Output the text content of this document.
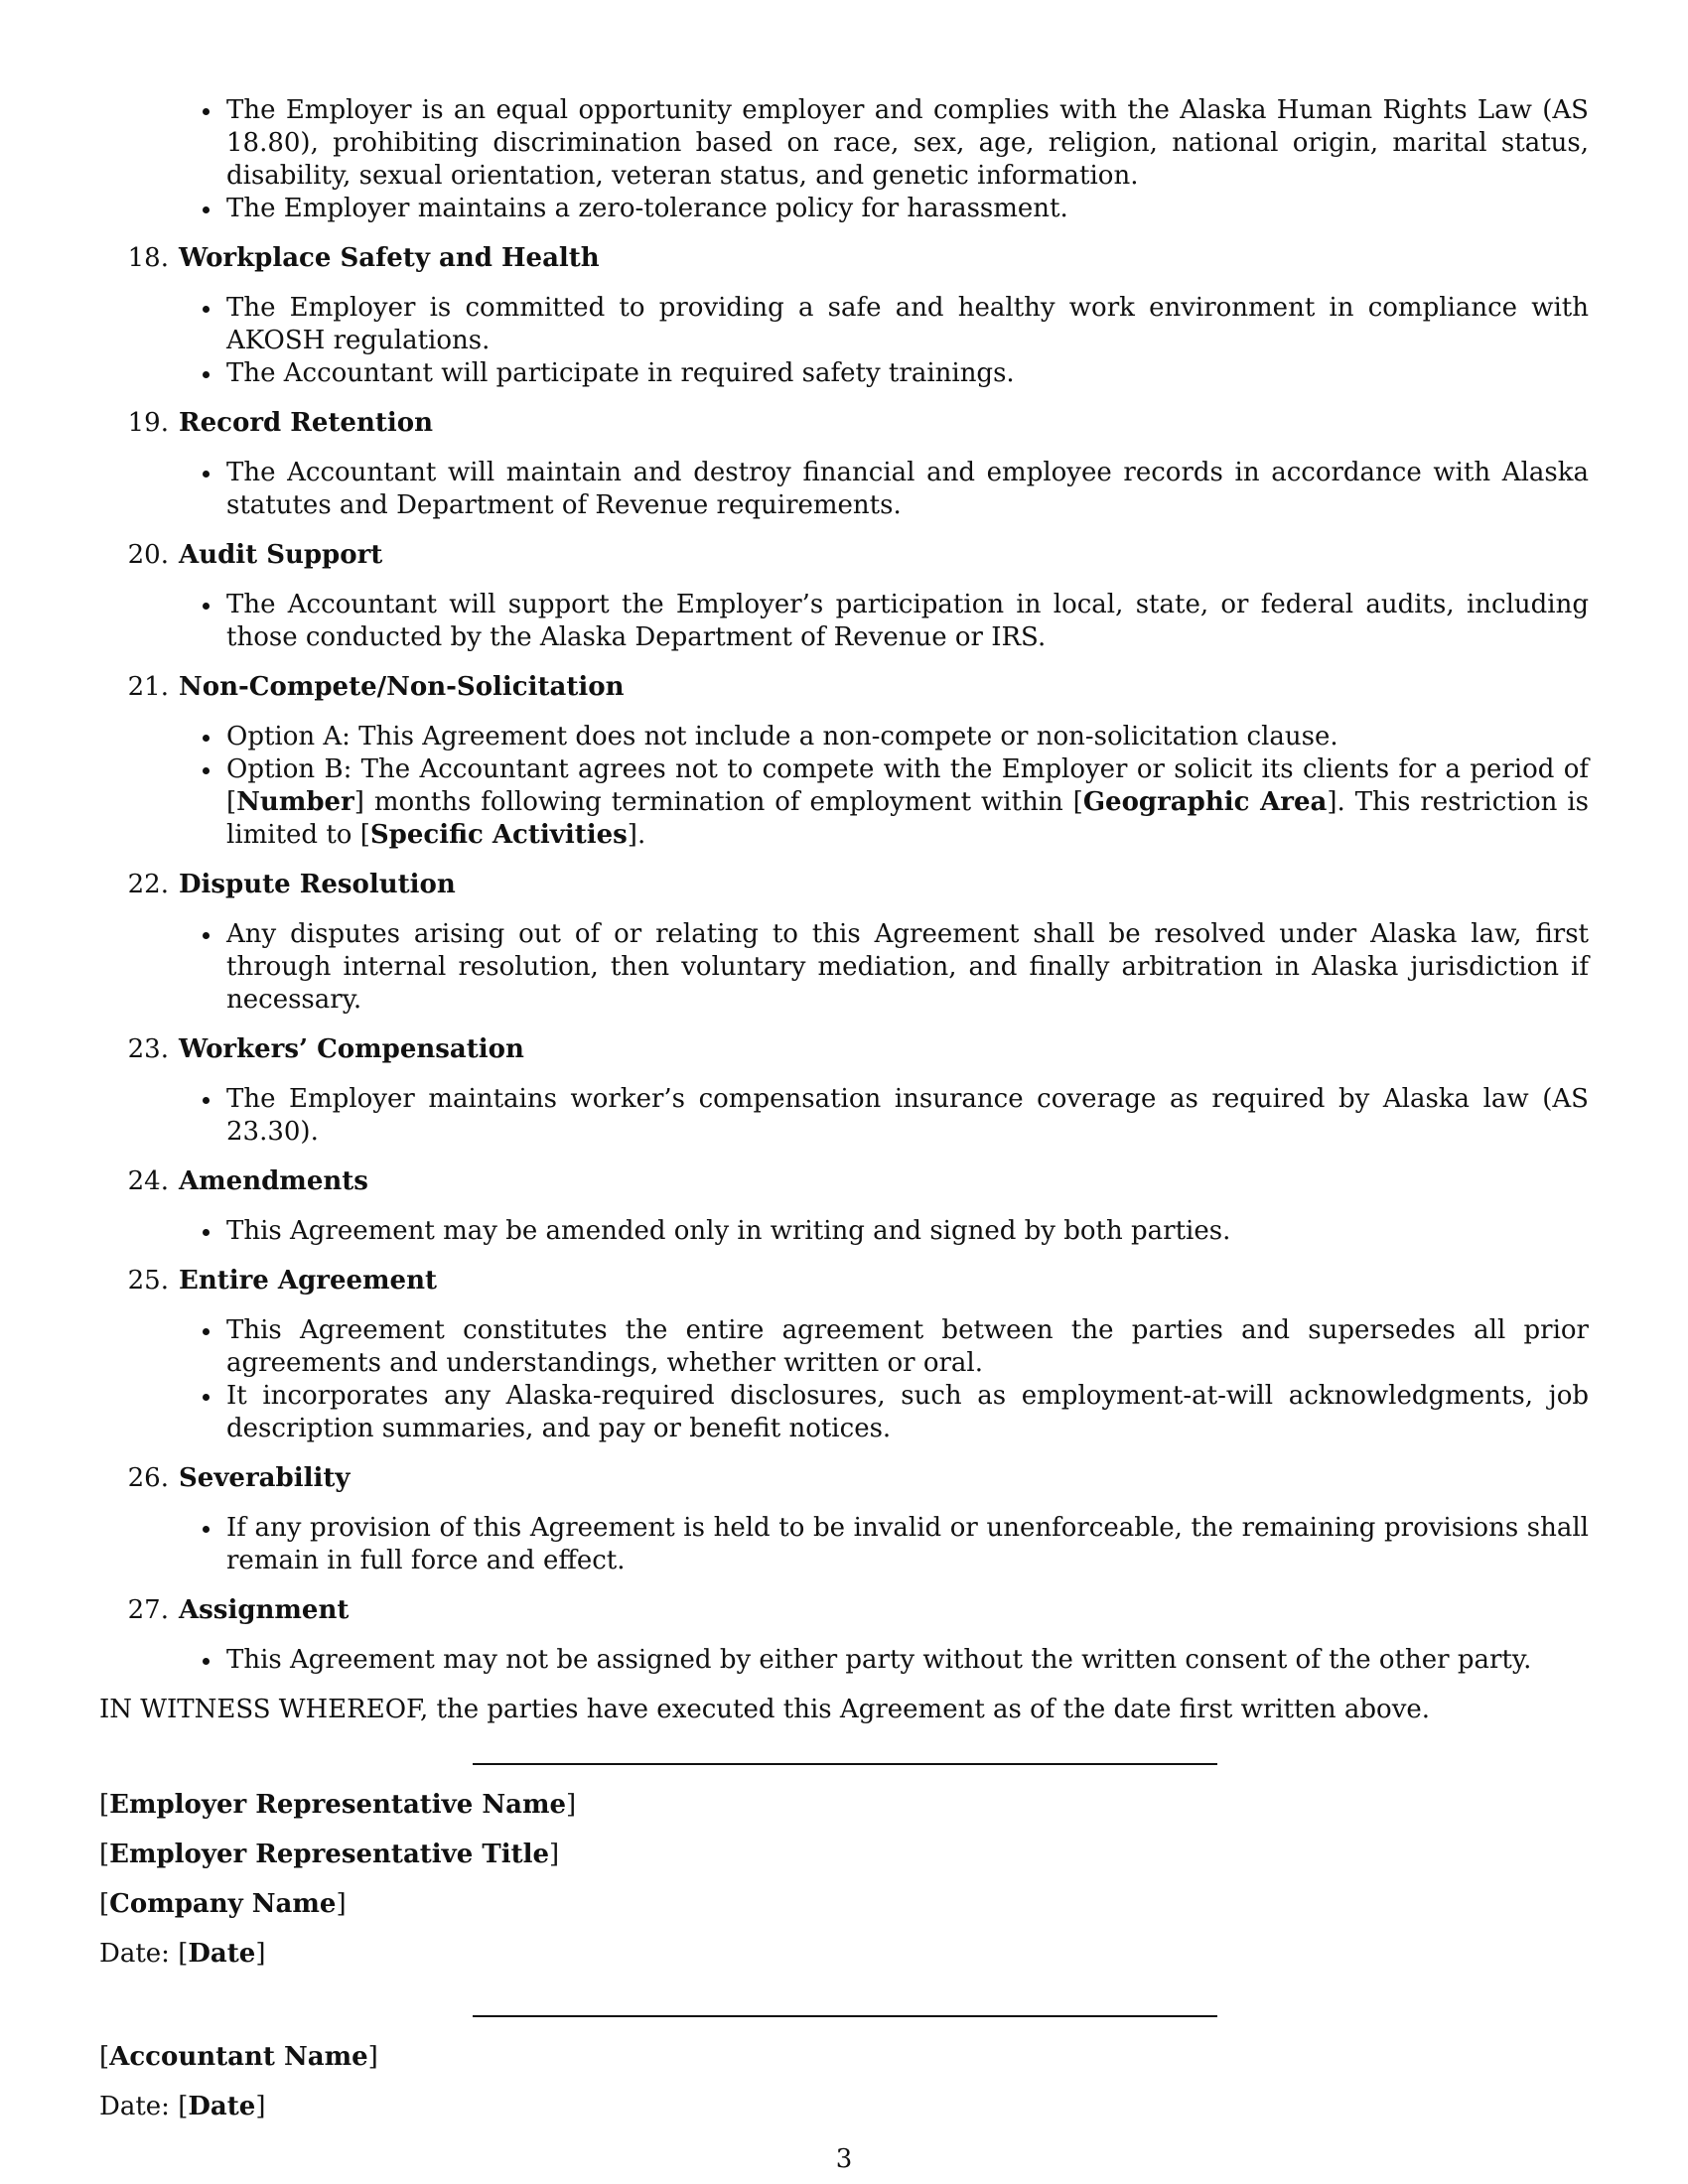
The Employer is an equal opportunity employer and complies with the Alaska Human Rights Law (AS 18.80), prohibiting discrimination based on race, sex, age, religion, national origin, marital status, disability, sexual orientation, veteran status, and genetic information.
The Employer maintains a zero-tolerance policy for harassment.
18. Workplace Safety and Health
The Employer is committed to providing a safe and healthy work environment in compliance with AKOSH regulations.
The Accountant will participate in required safety trainings.
19. Record Retention
The Accountant will maintain and destroy financial and employee records in accordance with Alaska statutes and Department of Revenue requirements.
20. Audit Support
The Accountant will support the Employer’s participation in local, state, or federal audits, including those conducted by the Alaska Department of Revenue or IRS.
21. Non-Compete/Non-Solicitation
Option A: This Agreement does not include a non-compete or non-solicitation clause.
Option B: The Accountant agrees not to compete with the Employer or solicit its clients for a period of [Number] months following termination of employment within [Geographic Area]. This restriction is limited to [Specific Activities].
22. Dispute Resolution
Any disputes arising out of or relating to this Agreement shall be resolved under Alaska law, first through internal resolution, then voluntary mediation, and finally arbitration in Alaska jurisdiction if necessary.
23. Workers’ Compensation
The Employer maintains worker’s compensation insurance coverage as required by Alaska law (AS 23.30).
24. Amendments
This Agreement may be amended only in writing and signed by both parties.
25. Entire Agreement
This Agreement constitutes the entire agreement between the parties and supersedes all prior agreements and understandings, whether written or oral.
It incorporates any Alaska-required disclosures, such as employment-at-will acknowledgments, job description summaries, and pay or benefit notices.
26. Severability
If any provision of this Agreement is held to be invalid or unenforceable, the remaining provisions shall remain in full force and effect.
27. Assignment
This Agreement may not be assigned by either party without the written consent of the other party.
IN WITNESS WHEREOF, the parties have executed this Agreement as of the date first written above.
[Employer Representative Name]
[Employer Representative Title]
[Company Name]
Date: [Date]
[Accountant Name]
Date: [Date]
3
